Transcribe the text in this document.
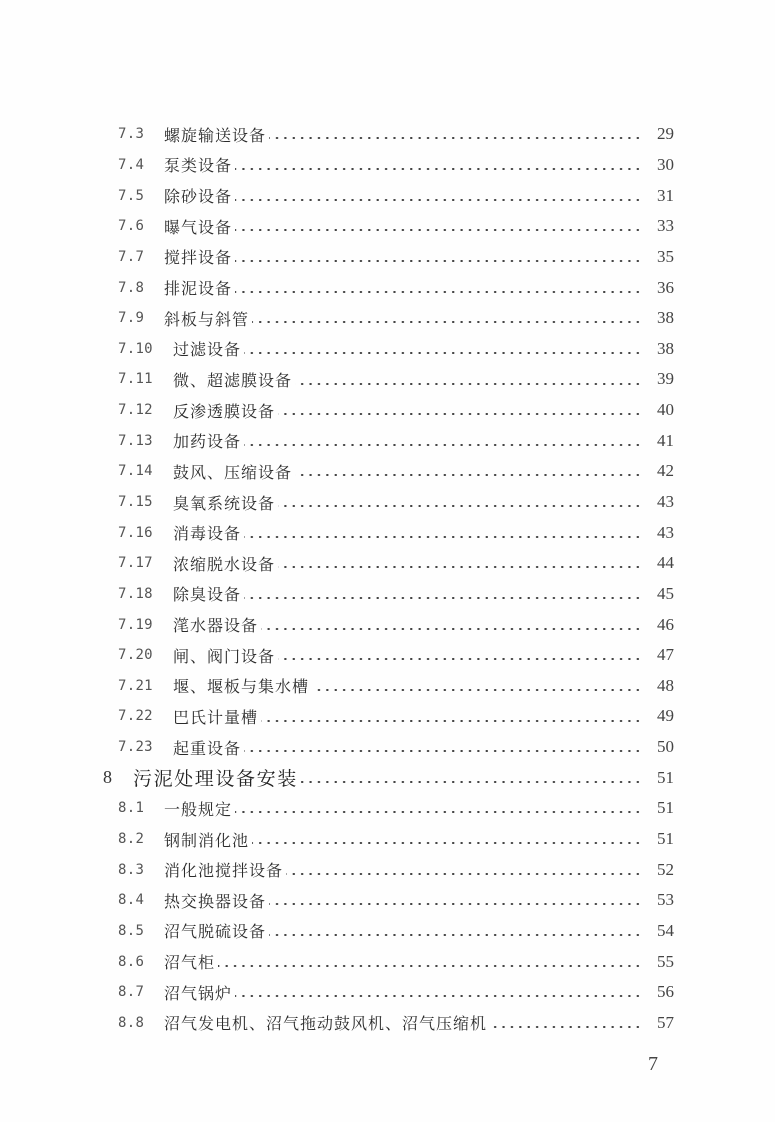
7.3 螺旋输送设备	29
7.4 泵类设备	30
7.5 除砂设备	31
7.6 曝气设备	33
7.7 搅拌设备	35
7.8 排泥设备	36
7.9 斜板与斜管	38
7.10 过滤设备	38
7.11 微、超滤膜设备	39
7.12 反渗透膜设备	40
7.13 加药设备	41
7.14 鼓风、压缩设备	42
7.15 臭氧系统设备	43
7.16 消毒设备	43
7.17 浓缩脱水设备	44
7.18 除臭设备	45
7.19 滗水器设备	46
7.20 闸、阀门设备	47
7.21 堰、堰板与集水槽	48
7.22 巴氏计量槽	49
7.23 起重设备	50
8 污泥处理设备安装	51
8.1 一般规定	51
8.2 钢制消化池	51
8.3 消化池搅拌设备	52
8.4 热交换器设备	53
8.5 沼气脱硫设备	54
8.6 沼气柜	55
8.7 沼气锅炉	56
8.8 沼气发电机、沼气拖动鼓风机、沼气压缩机	57
7
